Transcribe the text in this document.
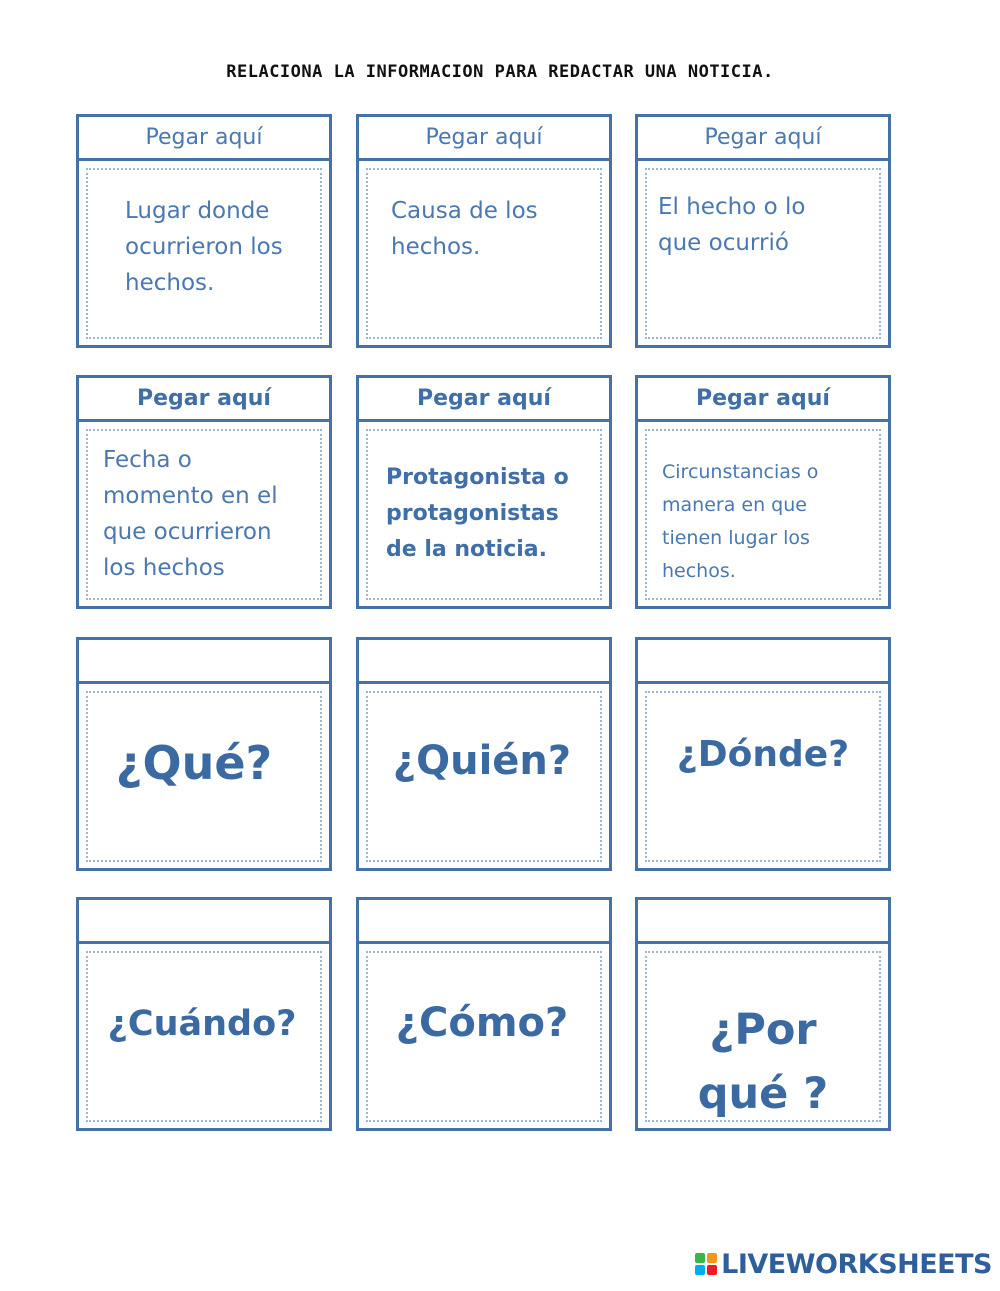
RELACIONA LA INFORMACION PARA REDACTAR UNA NOTICIA.
Pegar aquí
Lugar donde
ocurrieron los
hechos.
Pegar aquí
Causa de los
hechos.
Pegar aquí
El hecho o lo
que ocurrió
Pegar aquí
Fecha o
momento en el
que ocurrieron
los hechos
Pegar aquí
Protagonista o
protagonistas
de la noticia.
Pegar aquí
Circunstancias o
manera en que
tienen lugar los
hechos.
¿Qué?	¿Quién?	¿Dónde?
¿Cuándo?	¿Cómo?	¿Por
qué ?
LIVEWORKSHEETS
